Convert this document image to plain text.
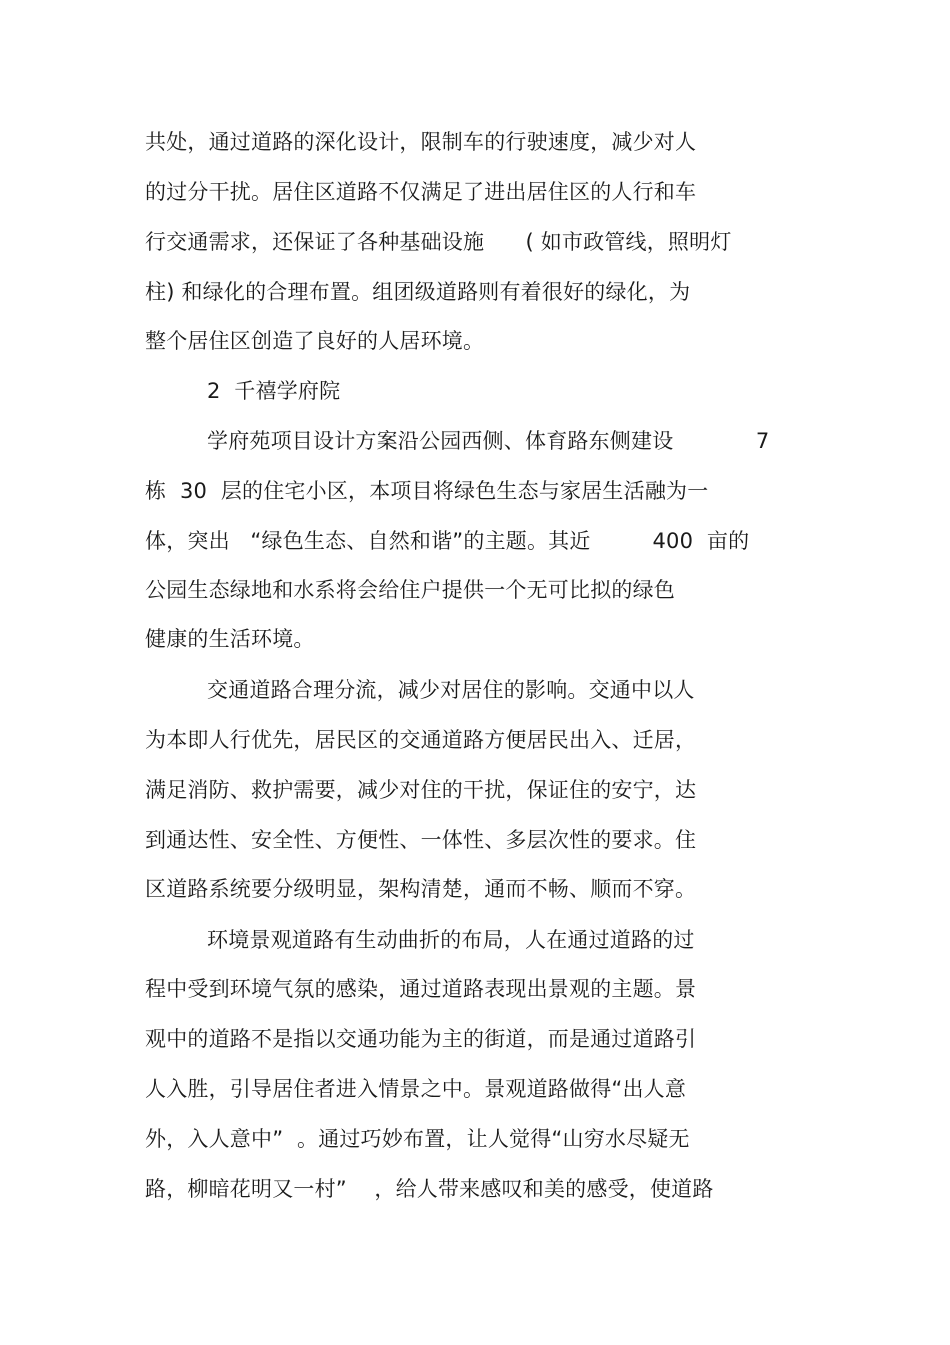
共处，通过道路的深化设计，限制车的行驶速度，减少对人
的过分干扰。居住区道路不仅满足了进出居住区的人行和车
行交通需求，还保证了各种基础设施      ( 如市政管线，照明灯
柱) 和绿化的合理布置。组团级道路则有着很好的绿化，为
整个居住区创造了良好的人居环境。
2  千禧学府院
学府苑项目设计方案沿公园西侧、体育路东侧建设            7
栋  30  层的住宅小区，本项目将绿色生态与家居生活融为一
体，突出   “绿色生态、自然和谐”的主题。其近         400  亩的
公园生态绿地和水系将会给住户提供一个无可比拟的绿色
健康的生活环境。
交通道路合理分流，减少对居住的影响。交通中以人
为本即人行优先，居民区的交通道路方便居民出入、迁居，
满足消防、救护需要，减少对住的干扰，保证住的安宁，达
到通达性、安全性、方便性、一体性、多层次性的要求。住
区道路系统要分级明显，架构清楚，通而不畅、顺而不穿。
环境景观道路有生动曲折的布局，人在通过道路的过
程中受到环境气氛的感染，通过道路表现出景观的主题。景
观中的道路不是指以交通功能为主的街道，而是通过道路引
人入胜，引导居住者进入情景之中。景观道路做得“出人意
外，入人意中”  。通过巧妙布置，让人觉得“山穷水尽疑无
路，柳暗花明又一村”    ，给人带来感叹和美的感受，使道路
